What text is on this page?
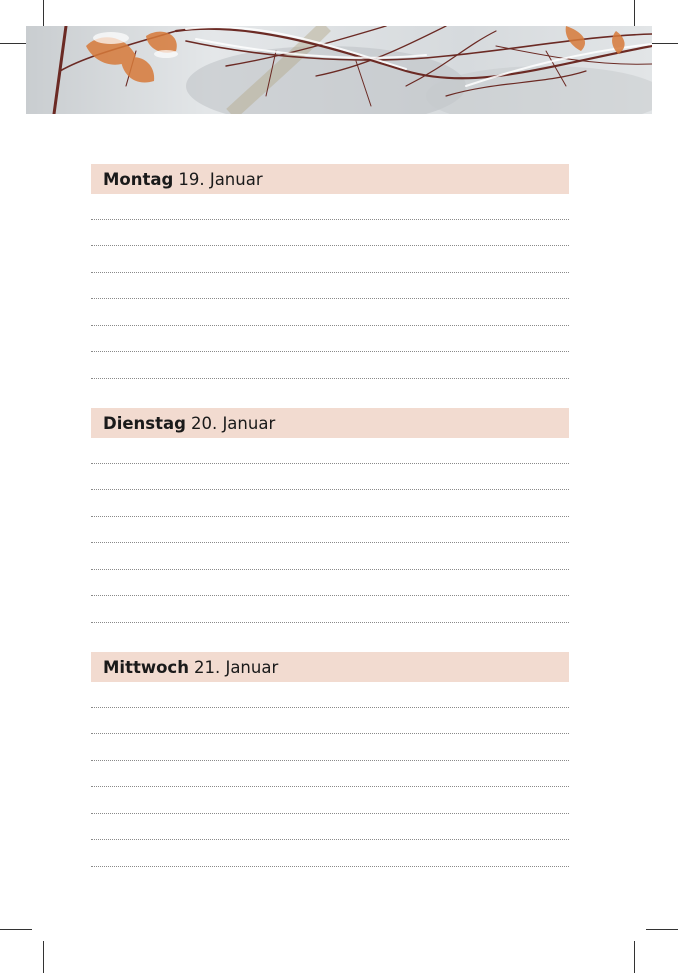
Montag 19. Januar
Dienstag 20. Januar
Mittwoch 21. Januar
